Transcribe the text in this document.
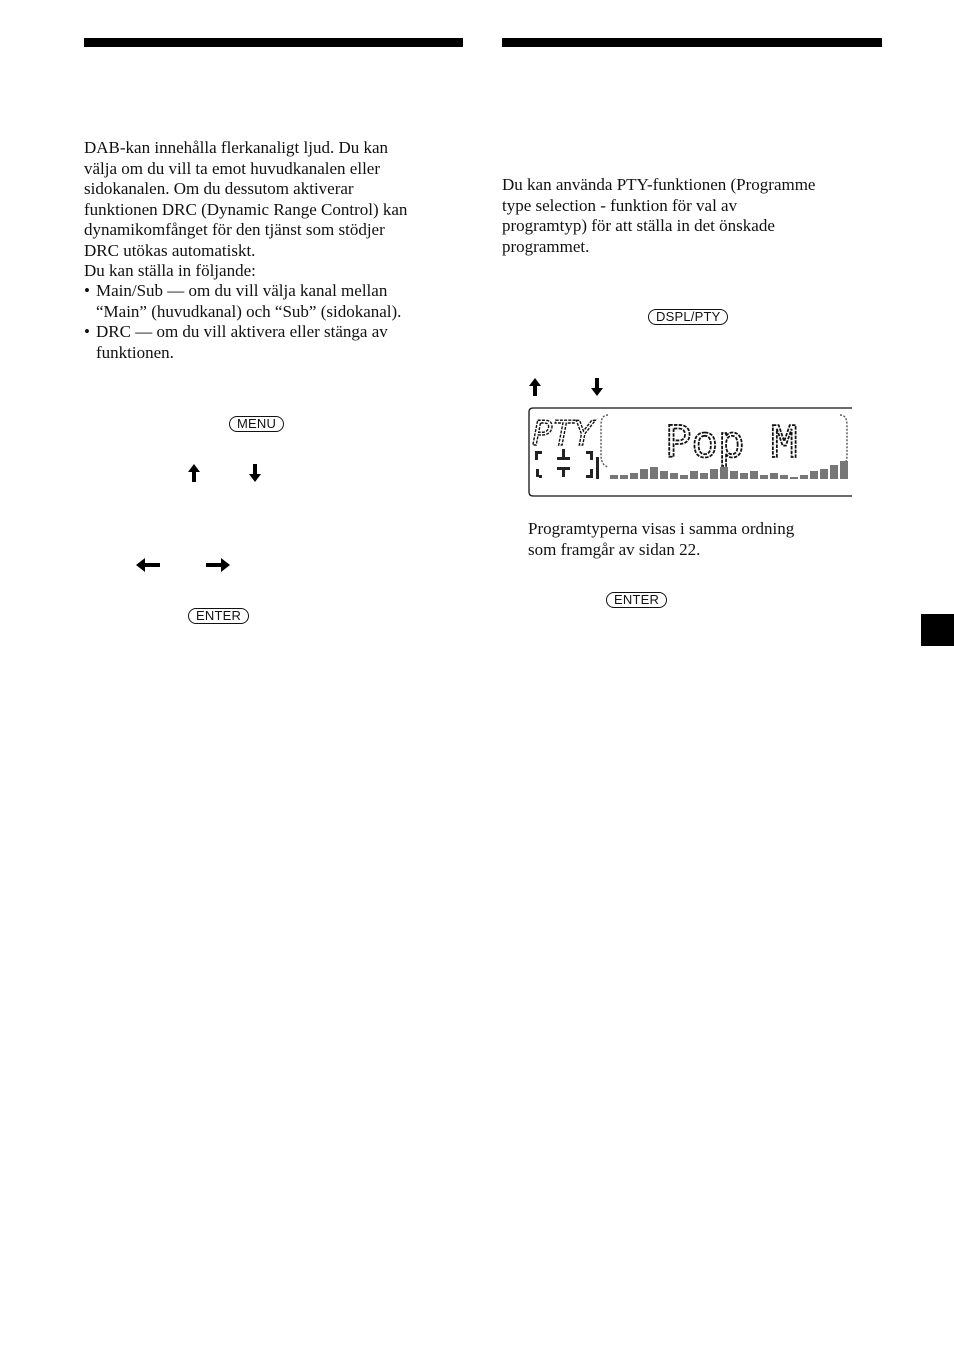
DAB-kan innehålla flerkanaligt ljud. Du kan
välja om du vill ta emot huvudkanalen eller
sidokanalen. Om du dessutom aktiverar
funktionen DRC (Dynamic Range Control) kan
dynamikomfånget för den tjänst som stödjer
DRC utökas automatiskt.
Du kan ställa in följande:
• Main/Sub — om du vill välja kanal mellan
“Main” (huvudkanal) och “Sub” (sidokanal).
• DRC — om du vill aktivera eller stänga av
funktionen.
MENU
ENTER
Du kan använda PTY-funktionen (Programme
type selection - funktion för val av
programtyp) för att ställa in det önskade
programmet.
DSPL/PTY
PTY Pop M
Programtyperna visas i samma ordning
som framgår av sidan 22.
ENTER
